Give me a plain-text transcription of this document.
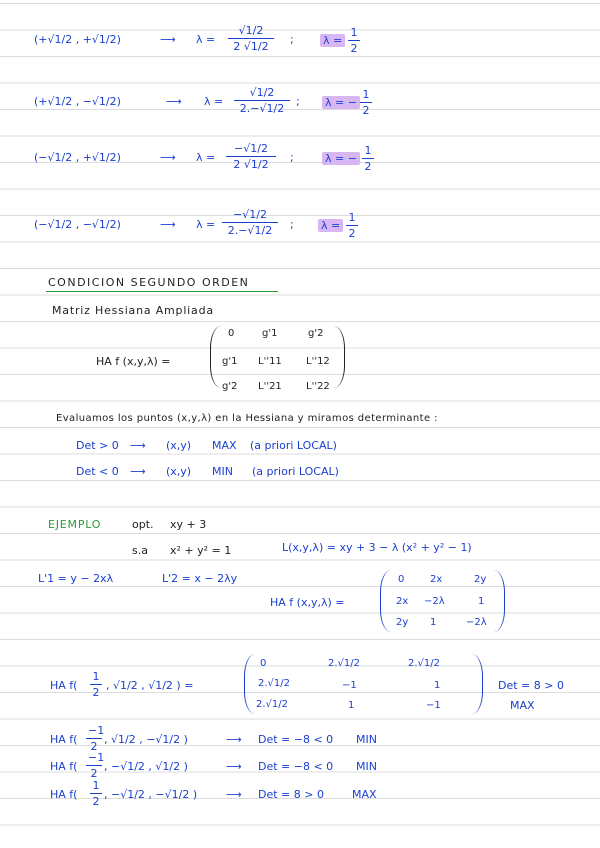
(+√1/2 , +√1/2)	⟶ λ =
√1/2
2 √1/2
;	λ =
1
2
(+√1/2 , −√1/2)	⟶ λ =
√1/2
2.−√1/2
; λ = −
1
2
(−√1/2 , +√1/2)	⟶ λ =
−√1/2
2 √1/2
;	λ = −
1
2
(−√1/2 , −√1/2)	⟶ λ =
−√1/2
2.−√1/2	; λ =
1
2
CONDICION SEGUNDO ORDEN
Matriz Hessiana Ampliada
HA f (x,y,λ) =
0	g'1	g'2
g'1 L''11 L''12
g'2 L''21 L''22
Evaluamos los puntos (x,y,λ) en la Hessiana y miramos determinante :
Det > 0 ⟶ (x,y) MAX (a priori LOCAL)
Det < 0 ⟶ (x,y) MIN (a priori LOCAL)
EJEMPLO	opt. xy + 3
s.a x² + y² = 1	L(x,y,λ) = xy + 3 − λ (x² + y² − 1)
L'1 = y − 2xλ	L'2 = x − 2λy
HA f (x,y,λ) =
0	2x	2y
2x −2λ	1
2y 1	−2λ
HA f(
1
2
, √1/2 , √1/2 ) =
0	2.√1/2	2.√1/2
2.√1/2	−1	1
2.√1/2	1	−1
Det = 8 > 0
MAX
HA f(
−1
2
, √1/2 , −√1/2 )	⟶ Det = −8 < 0 MIN
HA f(
−1
2
, −√1/2 , √1/2 )	⟶ Det = −8 < 0 MIN
HA f(
1
2
, −√1/2 , −√1/2 )	⟶ Det = 8 > 0	MAX
